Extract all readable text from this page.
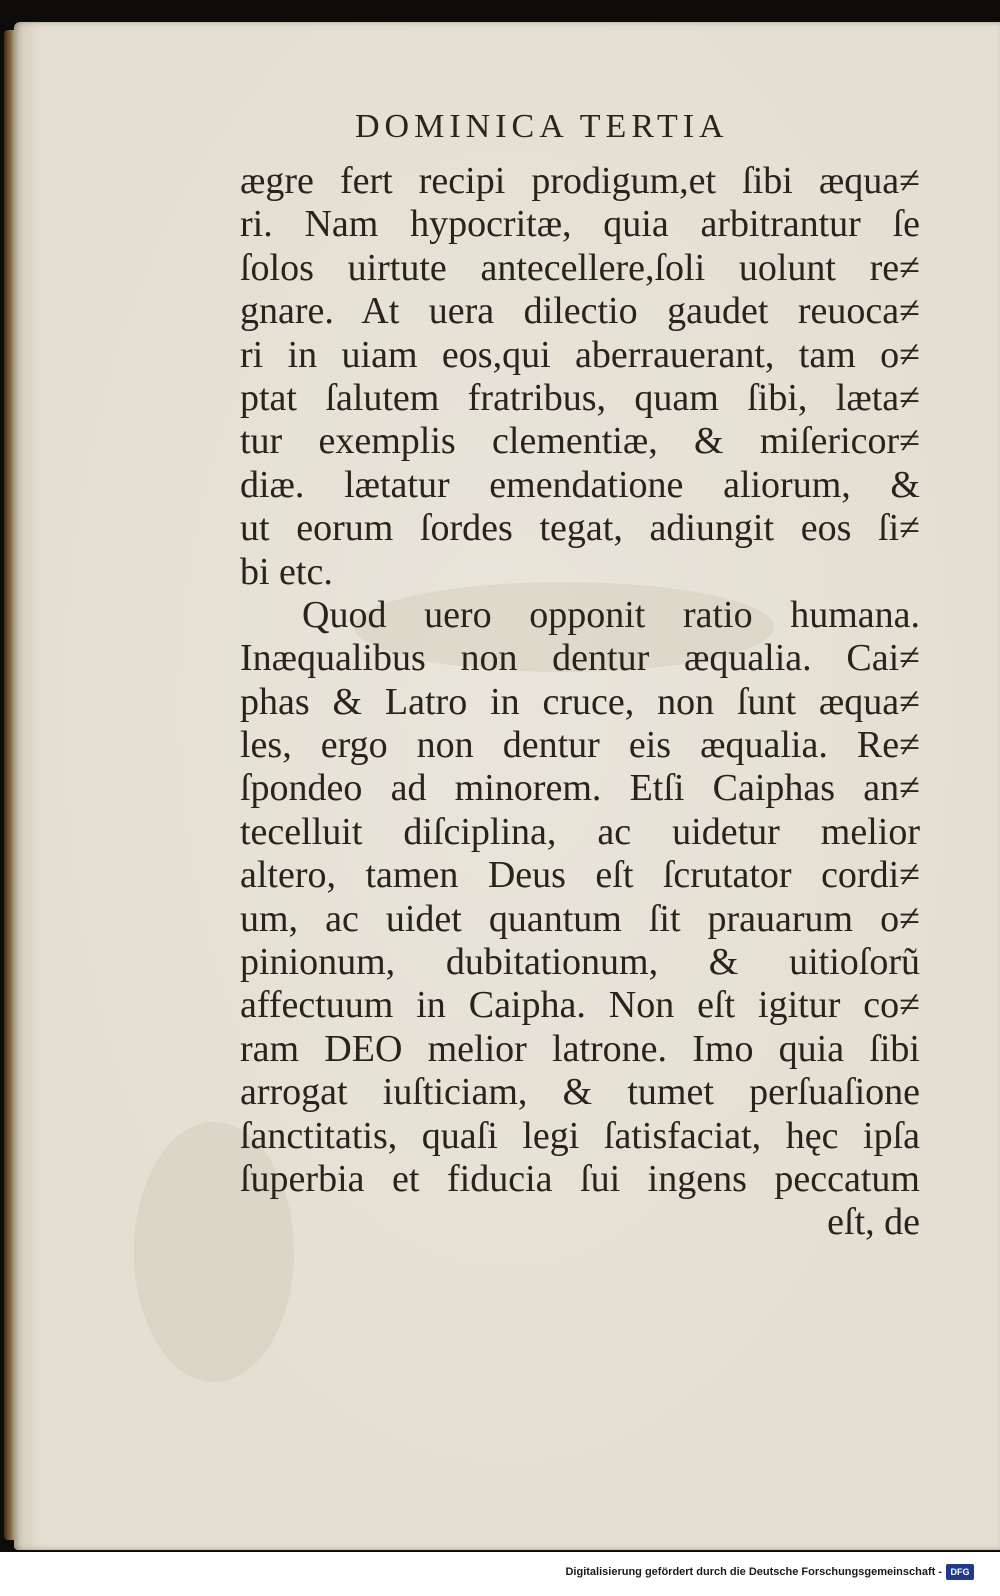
DOMINICA TERTIA
ægre fert recipi prodigum,et ſibi æqua≠
ri. Nam hypocritæ, quia arbitrantur ſe
ſolos uirtute antecellere,ſoli uolunt re≠
gnare. At uera dilectio gaudet reuoca≠
ri in uiam eos,qui aberrauerant, tam o≠
ptat ſalutem fratribus, quam ſibi, læta≠
tur exemplis clementiæ, & miſericor≠
diæ. lætatur emendatione aliorum, &
ut eorum ſordes tegat, adiungit eos ſi≠
bi etc.
Quod uero opponit ratio humana.
Inæqualibus non dentur æqualia. Cai≠
phas & Latro in cruce, non ſunt æqua≠
les, ergo non dentur eis æqualia. Re≠
ſpondeo ad minorem. Etſi Caiphas an≠
tecelluit diſciplina, ac uidetur melior
altero, tamen Deus eſt ſcrutator cordi≠
um, ac uidet quantum ſit prauarum o≠
pinionum, dubitationum, & uitioſorũ
affectuum in Caipha. Non eſt igitur co≠
ram DEO melior latrone. Imo quia ſibi
arrogat iuſticiam, & tumet perſuaſione
ſanctitatis, quaſi legi ſatisfaciat, hęc ipſa
ſuperbia et fiducia ſui ingens peccatum
eſt, de
Digitalisierung gefördert durch die Deutsche Forschungsgemeinschaft - DFG
